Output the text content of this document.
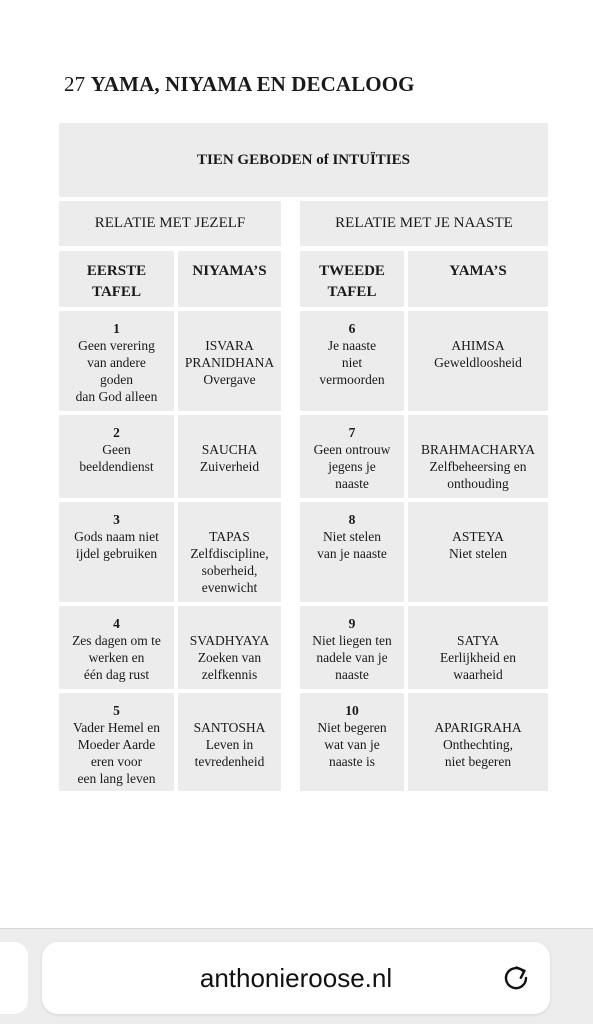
27 YAMA, NIYAMA EN DECALOOG
TIEN GEBODEN of INTUÏTIES
RELATIE MET JEZELF	RELATIE MET JE NAASTE
EERSTE
TAFEL
NIYAMA’S	TWEEDE
TAFEL
YAMA’S
1
Geen verering
van andere
goden
dan God alleen
ISVARA
PRANIDHANA
Overgave
6
Je naaste
niet
vermoorden
AHIMSA
Geweldloosheid
2
Geen
beeldendienst
SAUCHA
Zuiverheid
7
Geen ontrouw
jegens je
naaste
BRAHMACHARYA
Zelfbeheersing en
onthouding
3
Gods naam niet
ijdel gebruiken
TAPAS
Zelfdiscipline,
soberheid,
evenwicht
8
Niet stelen
van je naaste
ASTEYA
Niet stelen
4
Zes dagen om te
werken en
één dag rust
SVADHYAYA
Zoeken van
zelfkennis
9
Niet liegen ten
nadele van je
naaste
SATYA
Eerlijkheid en
waarheid
5
Vader Hemel en
Moeder Aarde
eren voor
een lang leven
SANTOSHA
Leven in
tevredenheid
10
Niet begeren
wat van je
naaste is
APARIGRAHA
Onthechting,
niet begeren
anthonieroose.nl
